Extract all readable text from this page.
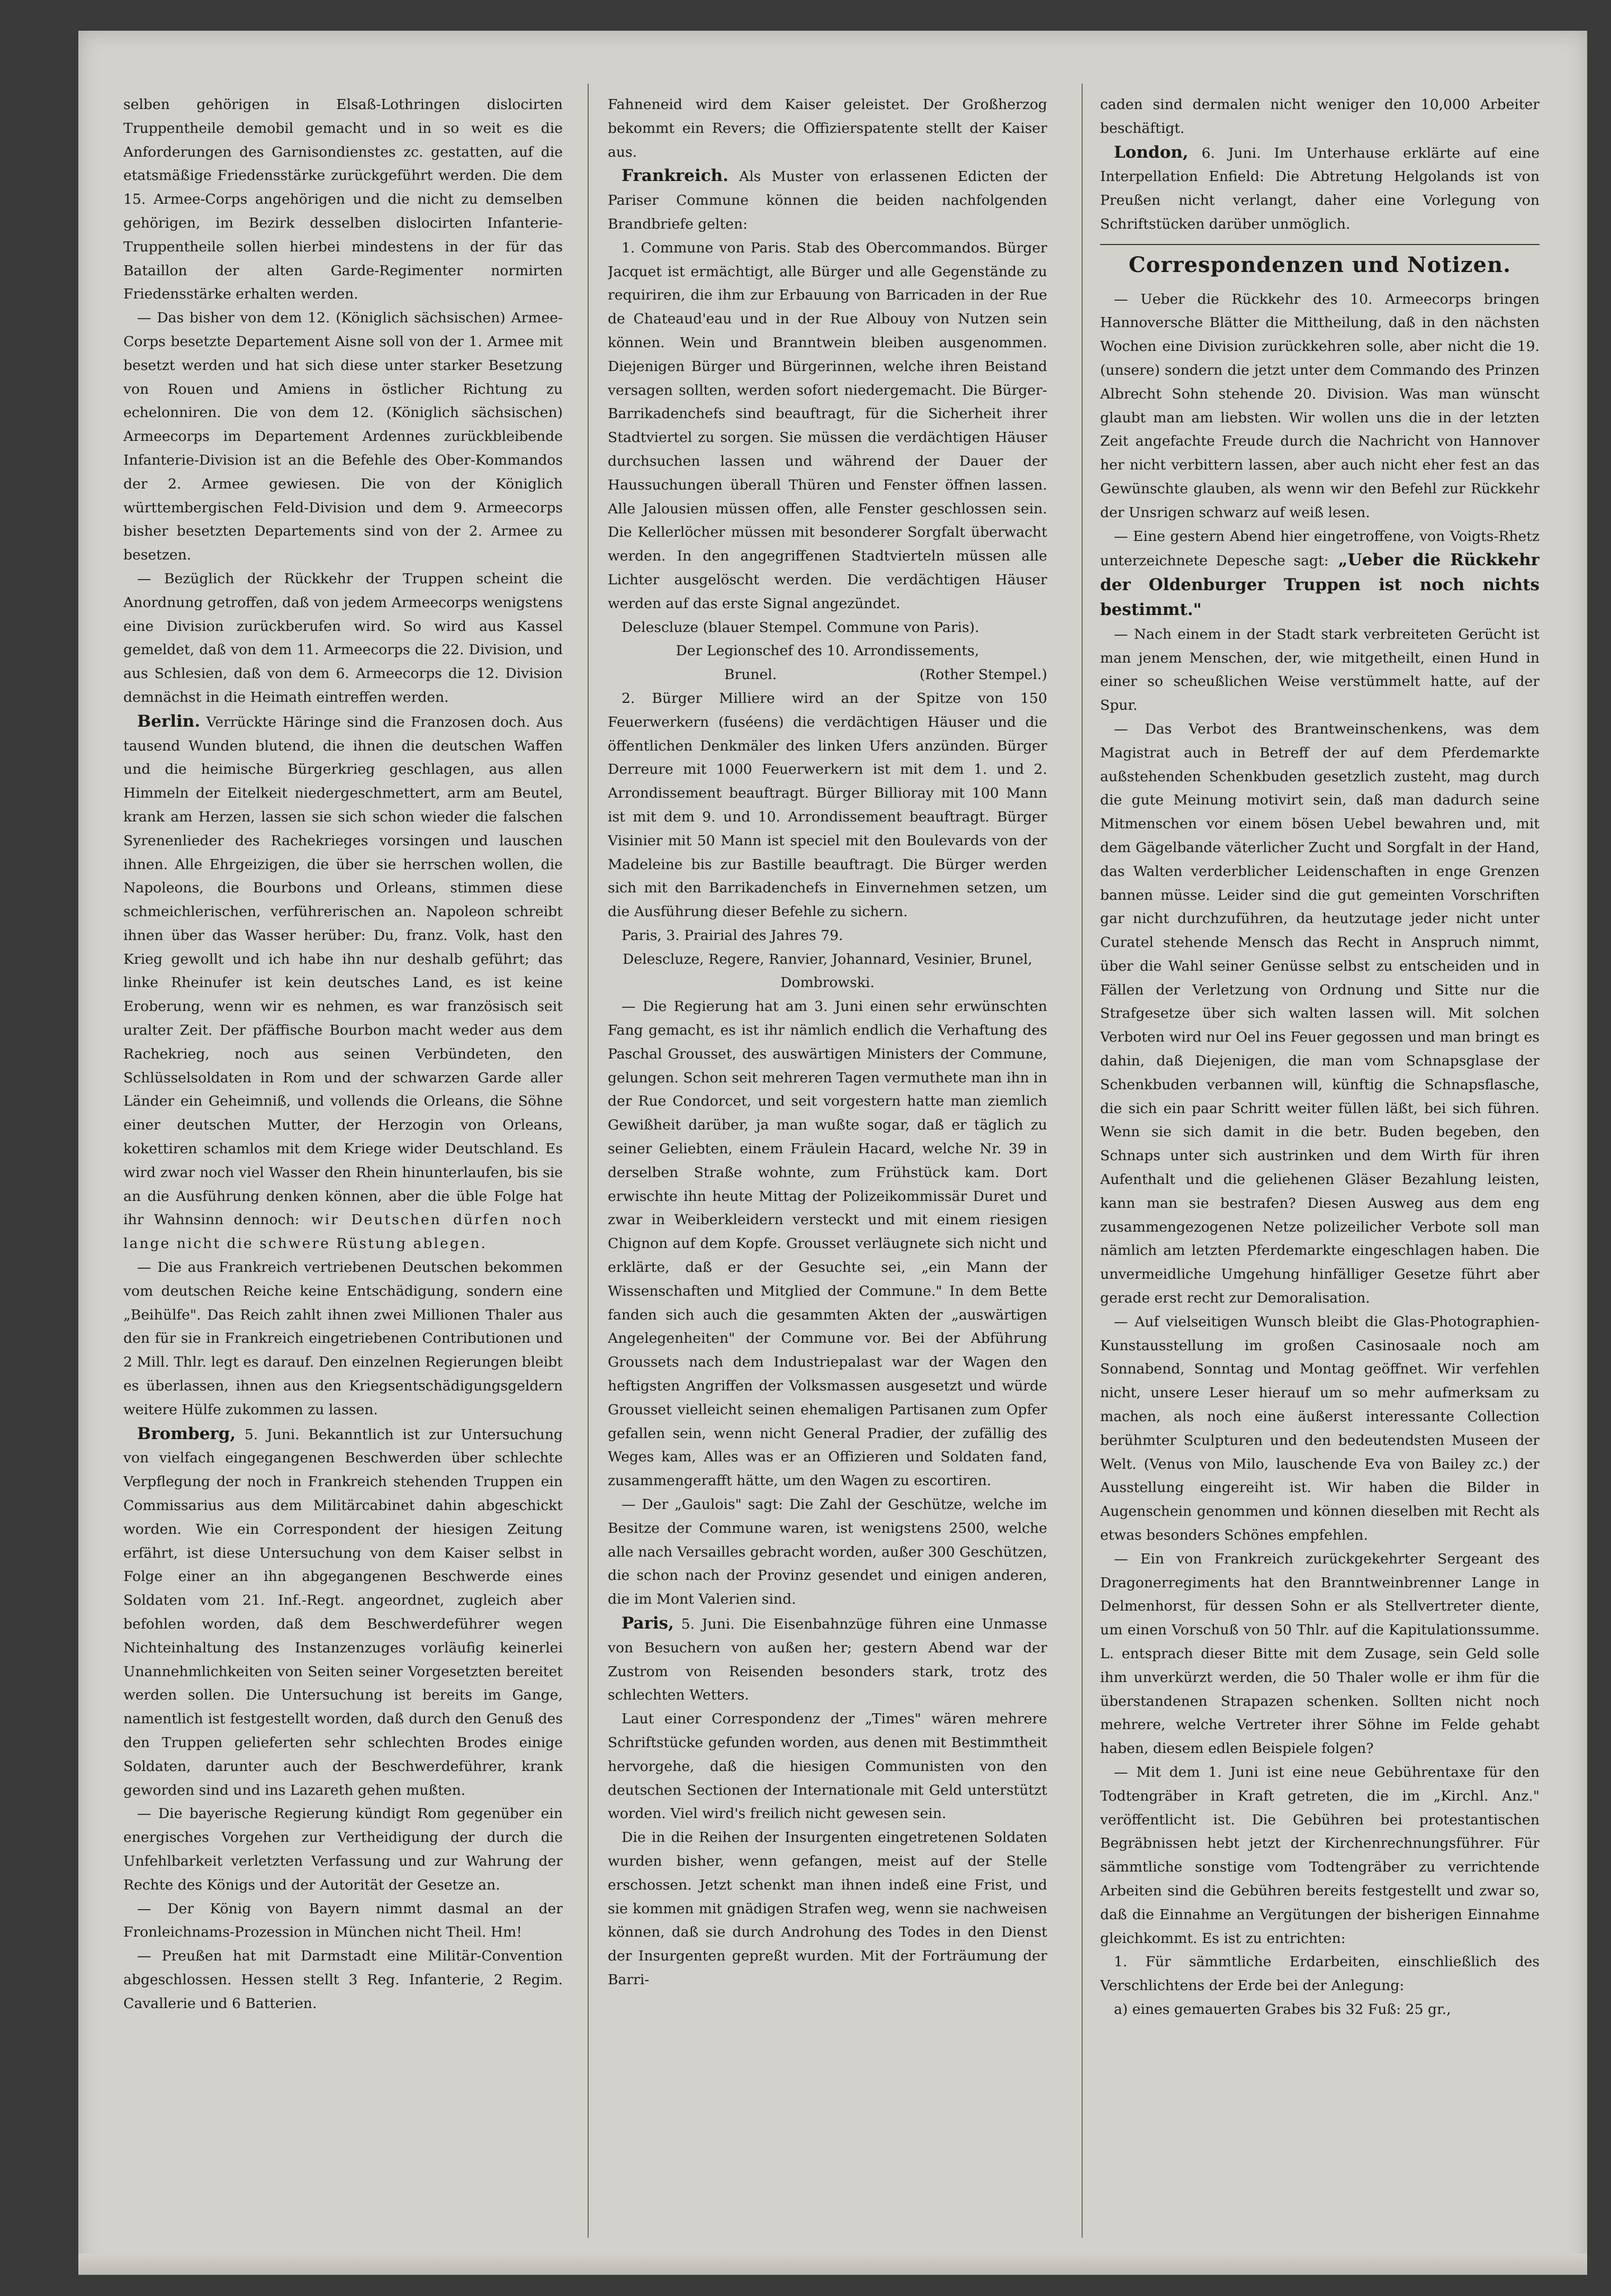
selben gehörigen in Elsaß-Lothringen dislocirten Truppentheile demobil gemacht und in so weit es die Anforderungen des Garnisondienstes zc. gestatten, auf die etatsmäßige Friedensstärke zurückgeführt werden. Die dem 15. Armee-Corps angehörigen und die nicht zu demselben gehörigen, im Bezirk desselben dislocirten Infanterie-Truppentheile sollen hierbei mindestens in der für das Bataillon der alten Garde-Regimenter normirten Friedensstärke erhalten werden.

— Das bisher von dem 12. (Königlich sächsischen) Armee-Corps besetzte Departement Aisne soll von der 1. Armee mit besetzt werden und hat sich diese unter starker Besetzung von Rouen und Amiens in östlicher Richtung zu echelonniren. Die von dem 12. (Königlich sächsischen) Armeecorps im Departement Ardennes zurückbleibende Infanterie-Division ist an die Befehle des Ober-Kommandos der 2. Armee gewiesen. Die von der Königlich württembergischen Feld-Division und dem 9. Armeecorps bisher besetzten Departements sind von der 2. Armee zu besetzen.

— Bezüglich der Rückkehr der Truppen scheint die Anordnung getroffen, daß von jedem Armeecorps wenigstens eine Division zurückberufen wird. So wird aus Kassel gemeldet, daß von dem 11. Armeecorps die 22. Division, und aus Schlesien, daß von dem 6. Armeecorps die 12. Division demnächst in die Heimath eintreffen werden.

Berlin. Verrückte Häringe sind die Franzosen doch. Aus tausend Wunden blutend, die ihnen die deutschen Waffen und die heimische Bürgerkrieg geschlagen, aus allen Himmeln der Eitelkeit niedergeschmettert, arm am Beutel, krank am Herzen, lassen sie sich schon wieder die falschen Syrenenlieder des Rachekrieges vorsingen und lauschen ihnen. Alle Ehrgeizigen, die über sie herrschen wollen, die Napoleons, die Bourbons und Orleans, stimmen diese schmeichlerischen, verführerischen an. Napoleon schreibt ihnen über das Wasser herüber: Du, franz. Volk, hast den Krieg gewollt und ich habe ihn nur deshalb geführt; das linke Rheinufer ist kein deutsches Land, es ist keine Eroberung, wenn wir es nehmen, es war französisch seit uralter Zeit. Der pfäffische Bourbon macht weder aus dem Rachekrieg, noch aus seinen Verbündeten, den Schlüsselsoldaten in Rom und der schwarzen Garde aller Länder ein Geheimniß, und vollends die Orleans, die Söhne einer deutschen Mutter, der Herzogin von Orleans, kokettiren schamlos mit dem Kriege wider Deutschland. Es wird zwar noch viel Wasser den Rhein hinunterlaufen, bis sie an die Ausführung denken können, aber die üble Folge hat ihr Wahnsinn dennoch: wir Deutschen dürfen noch lange nicht die schwere Rüstung ablegen.

— Die aus Frankreich vertriebenen Deutschen bekommen vom deutschen Reiche keine Entschädigung, sondern eine „Beihülfe". Das Reich zahlt ihnen zwei Millionen Thaler aus den für sie in Frankreich eingetriebenen Contributionen und 2 Mill. Thlr. legt es darauf. Den einzelnen Regierungen bleibt es überlassen, ihnen aus den Kriegsentschädigungsgeldern weitere Hülfe zukommen zu lassen.

Bromberg, 5. Juni. Bekanntlich ist zur Untersuchung von vielfach eingegangenen Beschwerden über schlechte Verpflegung der noch in Frankreich stehenden Truppen ein Commissarius aus dem Militärcabinet dahin abgeschickt worden. Wie ein Correspondent der hiesigen Zeitung erfährt, ist diese Untersuchung von dem Kaiser selbst in Folge einer an ihn abgegangenen Beschwerde eines Soldaten vom 21. Inf.-Regt. angeordnet, zugleich aber befohlen worden, daß dem Beschwerdeführer wegen Nichteinhaltung des Instanzenzuges vorläufig keinerlei Unannehmlichkeiten von Seiten seiner Vorgesetzten bereitet werden sollen. Die Untersuchung ist bereits im Gange, namentlich ist festgestellt worden, daß durch den Genuß des den Truppen gelieferten sehr schlechten Brodes einige Soldaten, darunter auch der Beschwerdeführer, krank geworden sind und ins Lazareth gehen mußten.

— Die bayerische Regierung kündigt Rom gegenüber ein energisches Vorgehen zur Vertheidigung der durch die Unfehlbarkeit verletzten Verfassung und zur Wahrung der Rechte des Königs und der Autorität der Gesetze an.

— Der König von Bayern nimmt dasmal an der Fronleichnams-Prozession in München nicht Theil. Hm!

— Preußen hat mit Darmstadt eine Militär-Convention abgeschlossen. Hessen stellt 3 Reg. Infanterie, 2 Regim. Cavallerie und 6 Batterien.

Fahneneid wird dem Kaiser geleistet. Der Großherzog bekommt ein Revers; die Offizierspatente stellt der Kaiser aus.

Frankreich. Als Muster von erlassenen Edicten der Pariser Commune können die beiden nachfolgenden Brandbriefe gelten:

1. Commune von Paris. Stab des Obercommandos. Bürger Jacquet ist ermächtigt, alle Bürger und alle Gegenstände zu requiriren, die ihm zur Erbauung von Barricaden in der Rue de Chateaud'eau und in der Rue Albouy von Nutzen sein können. Wein und Branntwein bleiben ausgenommen. Diejenigen Bürger und Bürgerinnen, welche ihren Beistand versagen sollten, werden sofort niedergemacht. Die Bürger-Barrikadenchefs sind beauftragt, für die Sicherheit ihrer Stadtviertel zu sorgen. Sie müssen die verdächtigen Häuser durchsuchen lassen und während der Dauer der Haussuchungen überall Thüren und Fenster öffnen lassen. Alle Jalousien müssen offen, alle Fenster geschlossen sein. Die Kellerlöcher müssen mit besonderer Sorgfalt überwacht werden. In den angegriffenen Stadtvierteln müssen alle Lichter ausgelöscht werden. Die verdächtigen Häuser werden auf das erste Signal angezündet.

Delescluze (blauer Stempel. Commune von Paris).

Der Legionschef des 10. Arrondissements,

Brunel.	(Rother Stempel.)

2. Bürger Milliere wird an der Spitze von 150 Feuerwerkern (fuséens) die verdächtigen Häuser und die öffentlichen Denkmäler des linken Ufers anzünden. Bürger Derreure mit 1000 Feuerwerkern ist mit dem 1. und 2. Arrondissement beauftragt. Bürger Billioray mit 100 Mann ist mit dem 9. und 10. Arrondissement beauftragt. Bürger Visinier mit 50 Mann ist speciel mit den Boulevards von der Madeleine bis zur Bastille beauftragt. Die Bürger werden sich mit den Barrikadenchefs in Einvernehmen setzen, um die Ausführung dieser Befehle zu sichern.

Paris, 3. Prairial des Jahres 79.

Delescluze, Regere, Ranvier, Johannard, Vesinier, Brunel, Dombrowski.

— Die Regierung hat am 3. Juni einen sehr erwünschten Fang gemacht, es ist ihr nämlich endlich die Verhaftung des Paschal Grousset, des auswärtigen Ministers der Commune, gelungen. Schon seit mehreren Tagen vermuthete man ihn in der Rue Condorcet, und seit vorgestern hatte man ziemlich Gewißheit darüber, ja man wußte sogar, daß er täglich zu seiner Geliebten, einem Fräulein Hacard, welche Nr. 39 in derselben Straße wohnte, zum Frühstück kam. Dort erwischte ihn heute Mittag der Polizeikommissär Duret und zwar in Weiberkleidern versteckt und mit einem riesigen Chignon auf dem Kopfe. Grousset verläugnete sich nicht und erklärte, daß er der Gesuchte sei, „ein Mann der Wissenschaften und Mitglied der Commune." In dem Bette fanden sich auch die gesammten Akten der „auswärtigen Angelegenheiten" der Commune vor. Bei der Abführung Groussets nach dem Industriepalast war der Wagen den heftigsten Angriffen der Volksmassen ausgesetzt und würde Grousset vielleicht seinen ehemaligen Partisanen zum Opfer gefallen sein, wenn nicht General Pradier, der zufällig des Weges kam, Alles was er an Offizieren und Soldaten fand, zusammengerafft hätte, um den Wagen zu escortiren.

— Der „Gaulois" sagt: Die Zahl der Geschütze, welche im Besitze der Commune waren, ist wenigstens 2500, welche alle nach Versailles gebracht worden, außer 300 Geschützen, die schon nach der Provinz gesendet und einigen anderen, die im Mont Valerien sind.

Paris, 5. Juni. Die Eisenbahnzüge führen eine Unmasse von Besuchern von außen her; gestern Abend war der Zustrom von Reisenden besonders stark, trotz des schlechten Wetters.

Laut einer Correspondenz der „Times" wären mehrere Schriftstücke gefunden worden, aus denen mit Bestimmtheit hervorgehe, daß die hiesigen Communisten von den deutschen Sectionen der Internationale mit Geld unterstützt worden. Viel wird's freilich nicht gewesen sein.

Die in die Reihen der Insurgenten eingetretenen Soldaten wurden bisher, wenn gefangen, meist auf der Stelle erschossen. Jetzt schenkt man ihnen indeß eine Frist, und sie kommen mit gnädigen Strafen weg, wenn sie nachweisen können, daß sie durch Androhung des Todes in den Dienst der Insurgenten gepreßt wurden. Mit der Forträumung der Barri-

caden sind dermalen nicht weniger den 10,000 Arbeiter beschäftigt.

London, 6. Juni. Im Unterhause erklärte auf eine Interpellation Enfield: Die Abtretung Helgolands ist von Preußen nicht verlangt, daher eine Vorlegung von Schriftstücken darüber unmöglich.

Correspondenzen und Notizen.

— Ueber die Rückkehr des 10. Armeecorps bringen Hannoversche Blätter die Mittheilung, daß in den nächsten Wochen eine Division zurückkehren solle, aber nicht die 19. (unsere) sondern die jetzt unter dem Commando des Prinzen Albrecht Sohn stehende 20. Division. Was man wünscht glaubt man am liebsten. Wir wollen uns die in der letzten Zeit angefachte Freude durch die Nachricht von Hannover her nicht verbittern lassen, aber auch nicht eher fest an das Gewünschte glauben, als wenn wir den Befehl zur Rückkehr der Unsrigen schwarz auf weiß lesen.

— Eine gestern Abend hier eingetroffene, von Voigts-Rhetz unterzeichnete Depesche sagt: „Ueber die Rückkehr der Oldenburger Truppen ist noch nichts bestimmt."

— Nach einem in der Stadt stark verbreiteten Gerücht ist man jenem Menschen, der, wie mitgetheilt, einen Hund in einer so scheußlichen Weise verstümmelt hatte, auf der Spur.

— Das Verbot des Brantweinschenkens, was dem Magistrat auch in Betreff der auf dem Pferdemarkte außstehenden Schenkbuden gesetzlich zusteht, mag durch die gute Meinung motivirt sein, daß man dadurch seine Mitmenschen vor einem bösen Uebel bewahren und, mit dem Gägelbande väterlicher Zucht und Sorgfalt in der Hand, das Walten verderblicher Leidenschaften in enge Grenzen bannen müsse. Leider sind die gut gemeinten Vorschriften gar nicht durchzuführen, da heutzutage jeder nicht unter Curatel stehende Mensch das Recht in Anspruch nimmt, über die Wahl seiner Genüsse selbst zu entscheiden und in Fällen der Verletzung von Ordnung und Sitte nur die Strafgesetze über sich walten lassen will. Mit solchen Verboten wird nur Oel ins Feuer gegossen und man bringt es dahin, daß Diejenigen, die man vom Schnapsglase der Schenkbuden verbannen will, künftig die Schnapsflasche, die sich ein paar Schritt weiter füllen läßt, bei sich führen. Wenn sie sich damit in die betr. Buden begeben, den Schnaps unter sich austrinken und dem Wirth für ihren Aufenthalt und die geliehenen Gläser Bezahlung leisten, kann man sie bestrafen? Diesen Ausweg aus dem eng zusammengezogenen Netze polizeilicher Verbote soll man nämlich am letzten Pferdemarkte eingeschlagen haben. Die unvermeidliche Umgehung hinfälliger Gesetze führt aber gerade erst recht zur Demoralisation.

— Auf vielseitigen Wunsch bleibt die Glas-Photographien-Kunstausstellung im großen Casinosaale noch am Sonnabend, Sonntag und Montag geöffnet. Wir verfehlen nicht, unsere Leser hierauf um so mehr aufmerksam zu machen, als noch eine äußerst interessante Collection berühmter Sculpturen und den bedeutendsten Museen der Welt. (Venus von Milo, lauschende Eva von Bailey zc.) der Ausstellung eingereiht ist. Wir haben die Bilder in Augenschein genommen und können dieselben mit Recht als etwas besonders Schönes empfehlen.

— Ein von Frankreich zurückgekehrter Sergeant des Dragonerregiments hat den Branntweinbrenner Lange in Delmenhorst, für dessen Sohn er als Stellvertreter diente, um einen Vorschuß von 50 Thlr. auf die Kapitulationssumme. L. entsprach dieser Bitte mit dem Zusage, sein Geld solle ihm unverkürzt werden, die 50 Thaler wolle er ihm für die überstandenen Strapazen schenken. Sollten nicht noch mehrere, welche Vertreter ihrer Söhne im Felde gehabt haben, diesem edlen Beispiele folgen?

— Mit dem 1. Juni ist eine neue Gebührentaxe für den Todtengräber in Kraft getreten, die im „Kirchl. Anz." veröffentlicht ist. Die Gebühren bei protestantischen Begräbnissen hebt jetzt der Kirchenrechnungsführer. Für sämmtliche sonstige vom Todtengräber zu verrichtende Arbeiten sind die Gebühren bereits festgestellt und zwar so, daß die Einnahme an Vergütungen der bisherigen Einnahme gleichkommt. Es ist zu entrichten:

1. Für sämmtliche Erdarbeiten, einschließlich des Verschlichtens der Erde bei der Anlegung:

a) eines gemauerten Grabes bis 32 Fuß: 25 gr.,
